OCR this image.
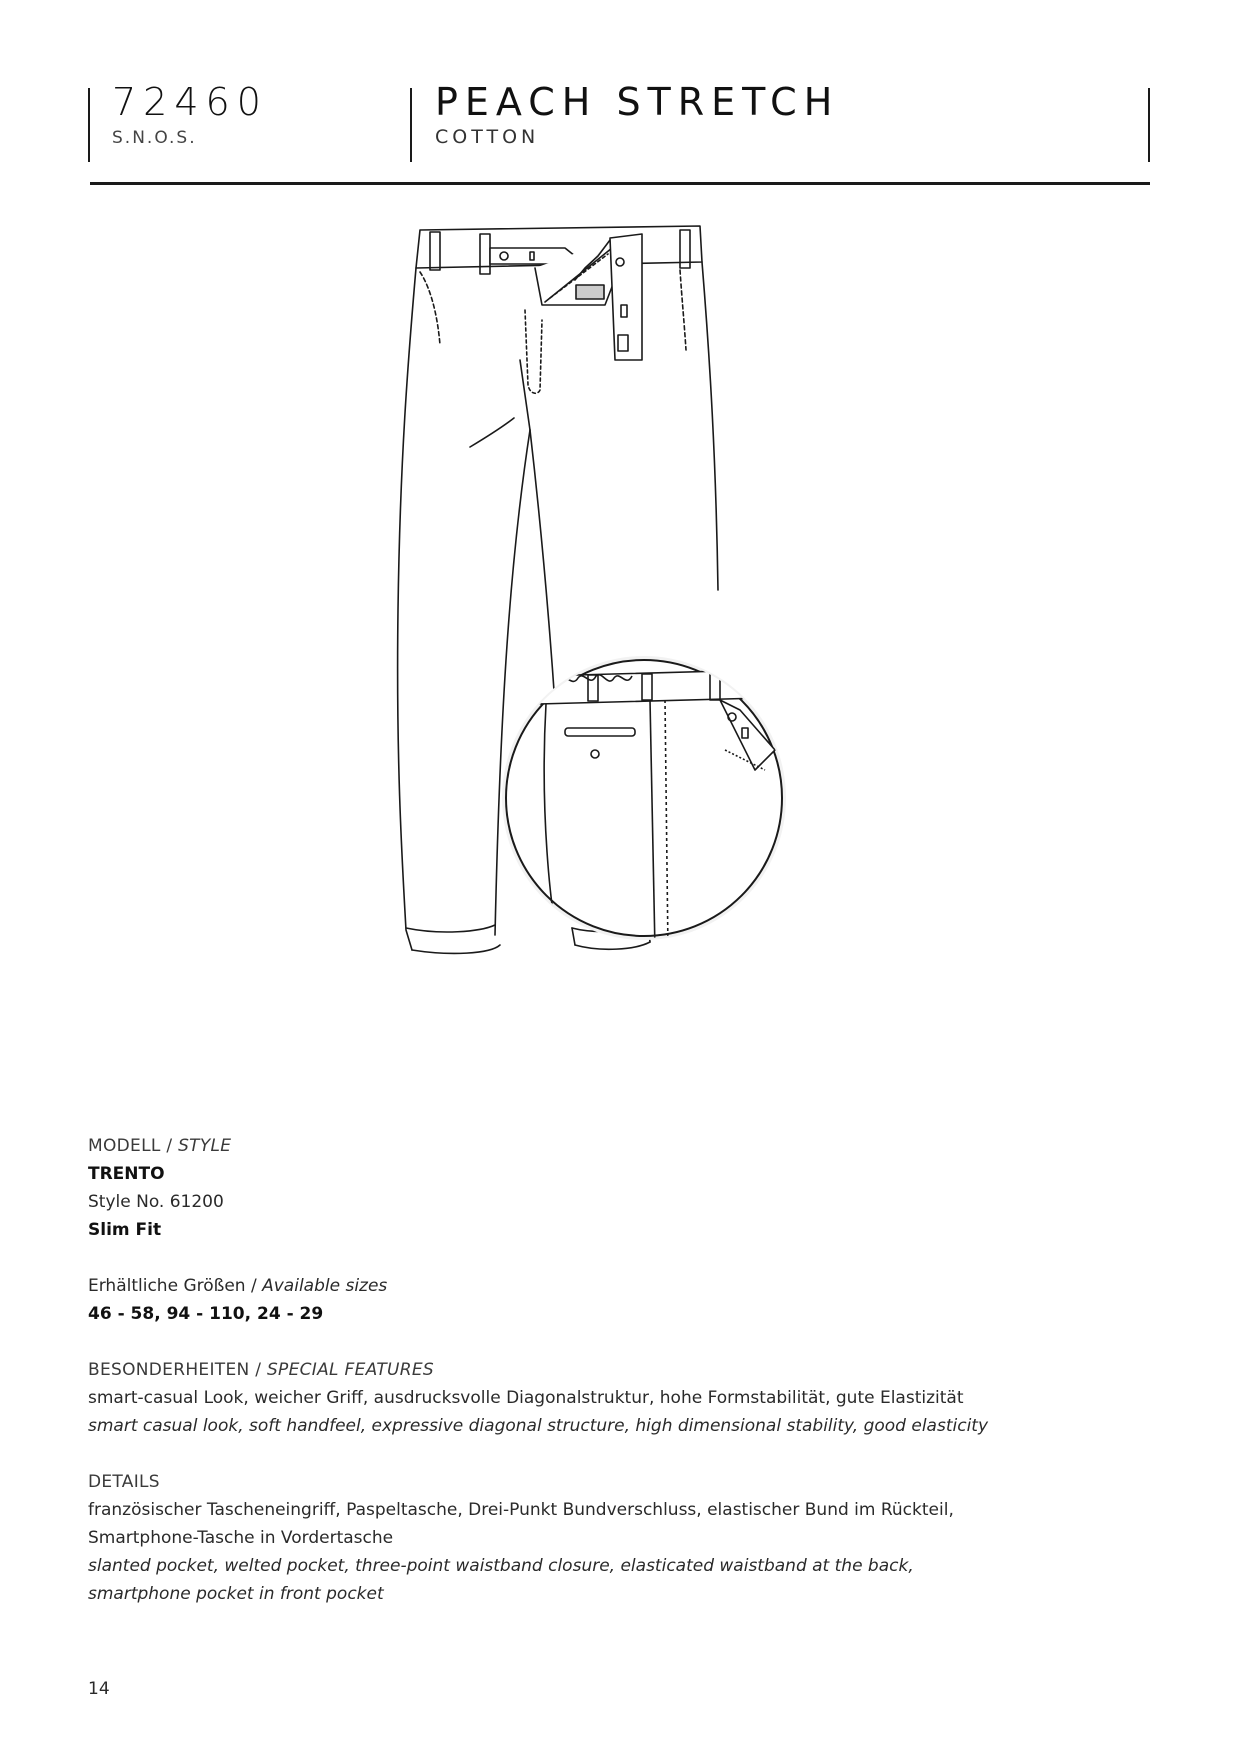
72460
S.N.O.S.
PEACH STRETCH
COTTON
MODELL / STYLE
TRENTO
Style No. 61200
Slim Fit
Erhältliche Größen / Available sizes
46 - 58, 94 - 110, 24 - 29
BESONDERHEITEN / SPECIAL FEATURES
smart-casual Look, weicher Griff, ausdrucksvolle Diagonalstruktur, hohe Formstabilität, gute Elastizität
smart casual look, soft handfeel, expressive diagonal structure, high dimensional stability, good elasticity
DETAILS
französischer Tascheneingriff, Paspeltasche, Drei-Punkt Bundverschluss, elastischer Bund im Rückteil,
Smartphone-Tasche in Vordertasche
slanted pocket, welted pocket, three-point waistband closure, elasticated waistband at the back,
smartphone pocket in front pocket
14
